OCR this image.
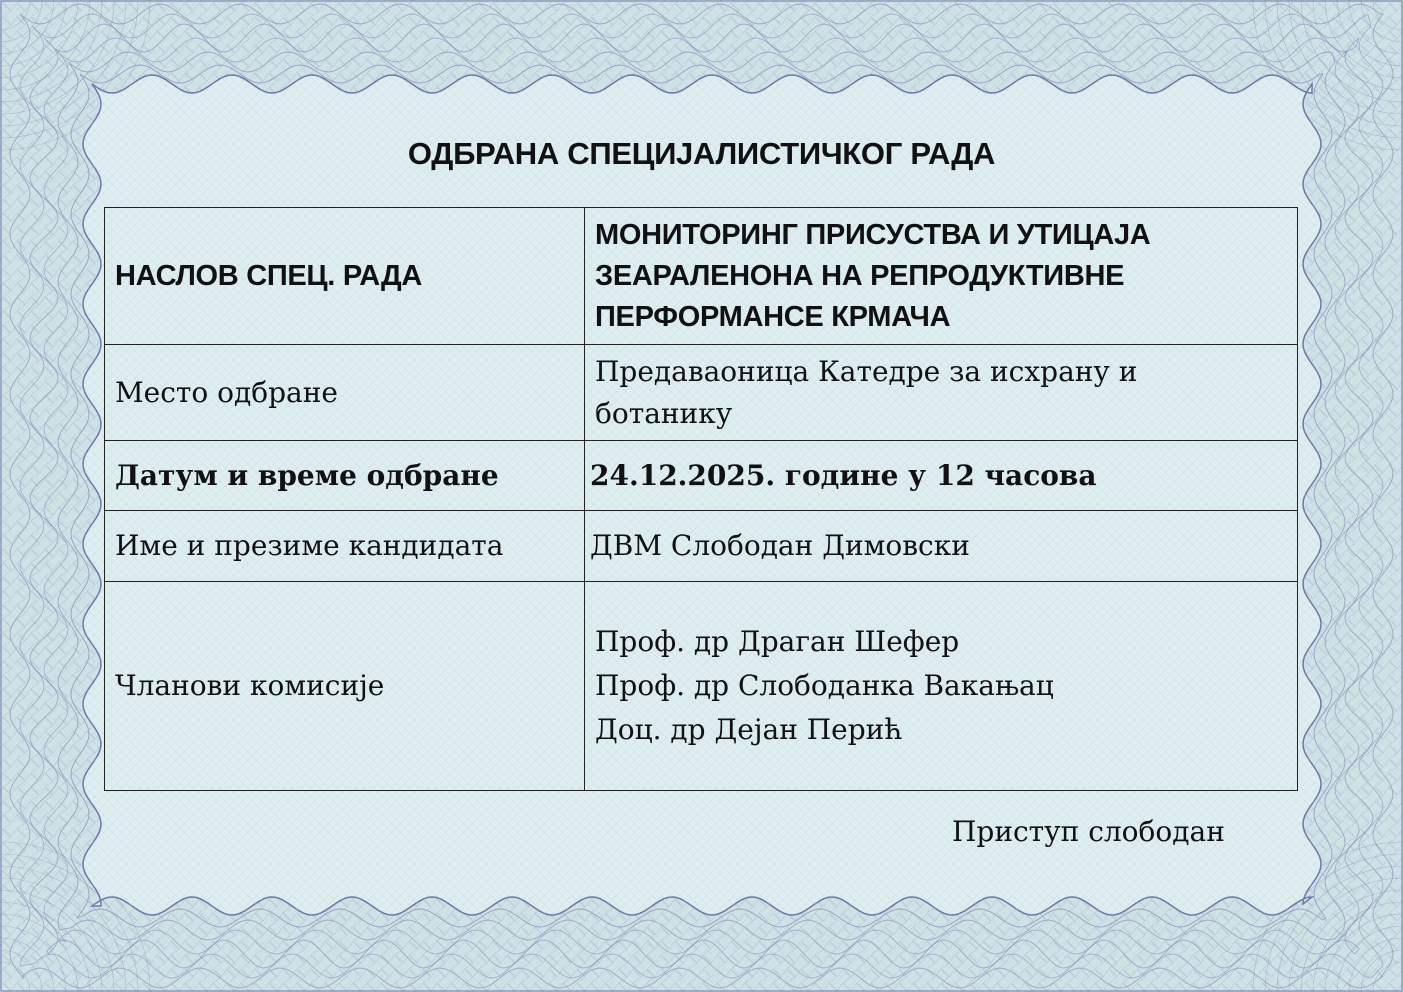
ОДБРАНА СПЕЦИЈАЛИСТИЧКОГ РАДА
НАСЛОВ СПЕЦ. РАДА	МОНИТОРИНГ ПРИСУСТВА И УТИЦАЈА
ЗЕАРАЛЕНОНА НА РЕПРОДУКТИВНЕ
ПЕРФОРМАНСЕ КРМАЧА

Место одбране	Предаваоница Катедре за исхрану и
ботанику

Датум и време одбране	24.12.2025. године у 12 часова
Име и презиме кандидата	ДВМ Слободан Димовски
Чланови комисије	Проф. др Драган Шефер
Проф. др Слободанка Вакањац
Доц. др Дејан Перић
Приступ слободан
